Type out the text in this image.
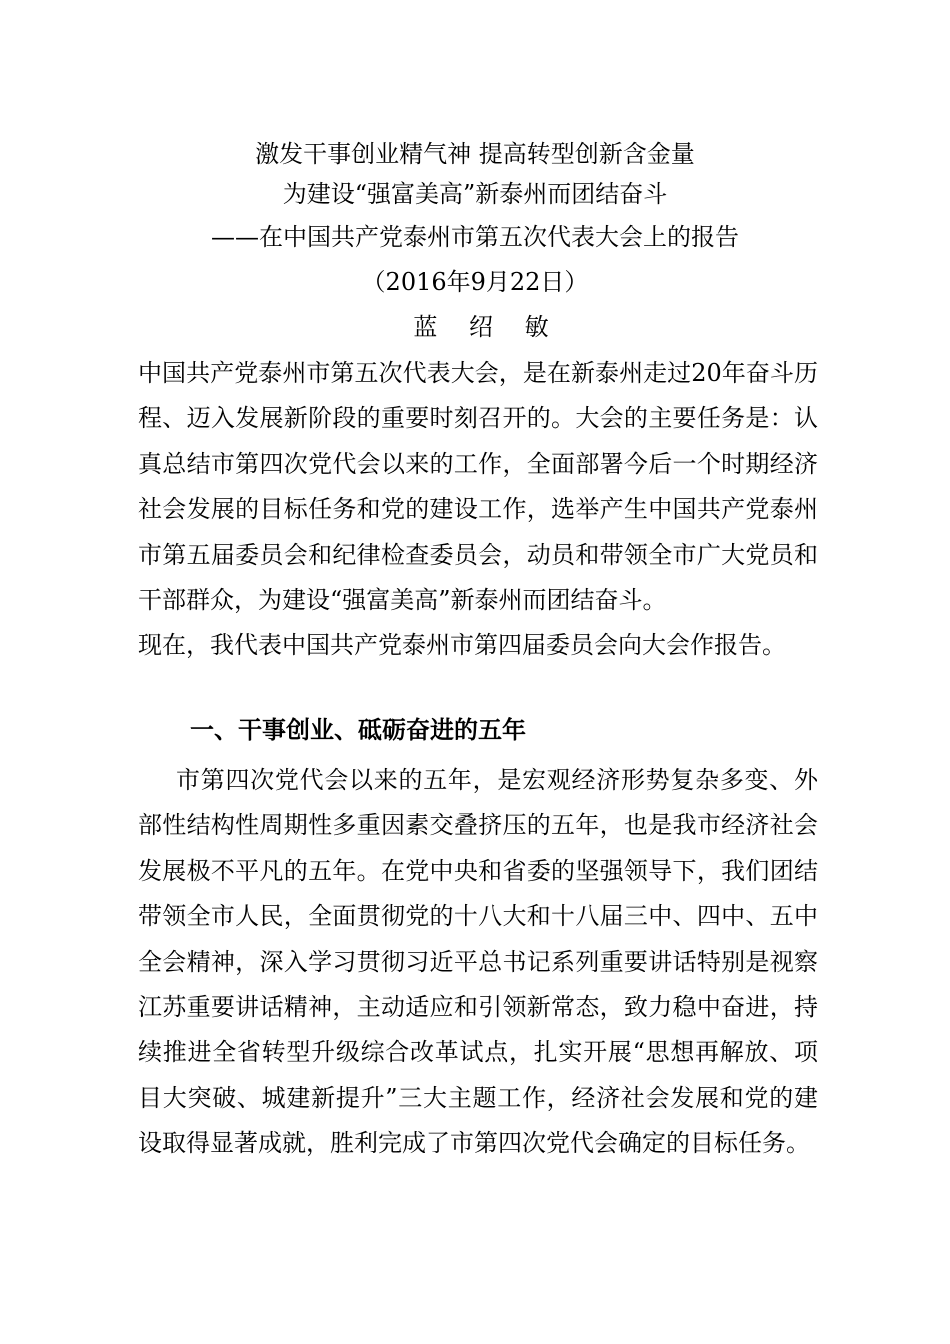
激发干事创业精气神 提高转型创新含金量
为建设“强富美高”新泰州而团结奋斗
——在中国共产党泰州市第五次代表大会上的报告
（2016年9月22日）
蓝 绍 敏

中国共产党泰州市第五次代表大会，是在新泰州走过20年奋斗历程、迈入发展新阶段的重要时刻召开的。大会的主要任务是：认真总结市第四次党代会以来的工作，全面部署今后一个时期经济社会发展的目标任务和党的建设工作，选举产生中国共产党泰州市第五届委员会和纪律检查委员会，动员和带领全市广大党员和干部群众，为建设“强富美高”新泰州而团结奋斗。

现在，我代表中国共产党泰州市第四届委员会向大会作报告。

一、干事创业、砥砺奋进的五年

市第四次党代会以来的五年，是宏观经济形势复杂多变、外部性结构性周期性多重因素交叠挤压的五年，也是我市经济社会发展极不平凡的五年。在党中央和省委的坚强领导下，我们团结带领全市人民，全面贯彻党的十八大和十八届三中、四中、五中全会精神，深入学习贯彻习近平总书记系列重要讲话特别是视察江苏重要讲话精神，主动适应和引领新常态，致力稳中奋进，持续推进全省转型升级综合改革试点，扎实开展“思想再解放、项目大突破、城建新提升”三大主题工作，经济社会发展和党的建设取得显著成就，胜利完成了市第四次党代会确定的目标任务。
